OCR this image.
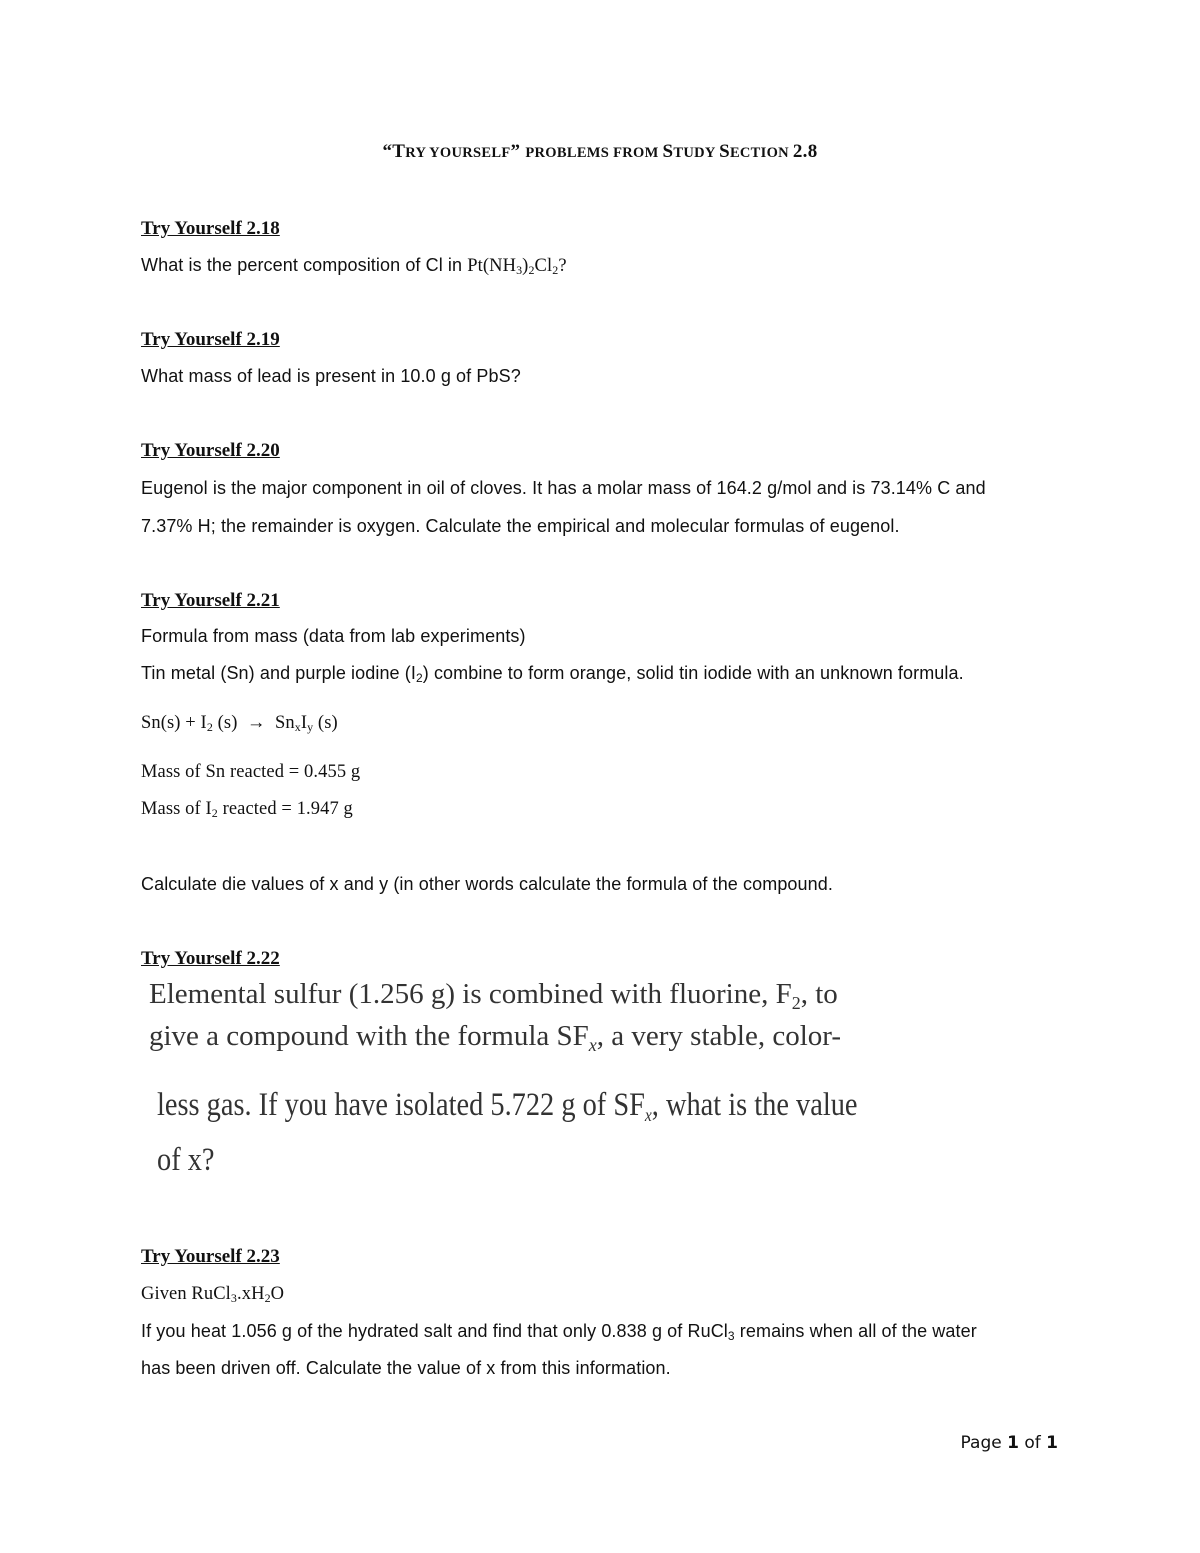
“TRY YOURSELF” PROBLEMS FROM STUDY SECTION 2.8
Try Yourself 2.18
What is the percent composition of Cl in $Pt(NH_3)_2Cl_2$?
Try Yourself 2.19
What mass of lead is present in 10.0 g of PbS?
Try Yourself 2.20
Eugenol is the major component in oil of cloves. It has a molar mass of 164.2 g/mol and is 73.14% C and
7.37% H; the remainder is oxygen. Calculate the empirical and molecular formulas of eugenol.
Try Yourself 2.21
Formula from mass (data from lab experiments)
Tin metal (Sn) and purple iodine $(I_2)$ combine to form orange, solid tin iodide with an unknown formula.
$Sn(s) + I_2$ $(s) \to Sn_xI_y$ (s)
Mass of Sn reacted = 0.455 g
Mass of $I_2$ reacted = 1.947 g
Calculate die values of x and y (in other words calculate the formula of the compound.
Try Yourself 2.22
Elemental sulfur (1.256 g) is combined with fluorine, $F_2$, to
give a compound with the formula $SF_x$, a very stable, color-
less gas. If you have isolated 5.722 g of $SF_x$, what is the value
of x?
Try Yourself 2.23
Given $RuCl_3.xH_2O$
If you heat 1.056 g of the hydrated salt and find that only 0.838 g of RuCl$_3$ remains when all of the water
has been driven off. Calculate the value of x from this information.
Page 1 of 1
